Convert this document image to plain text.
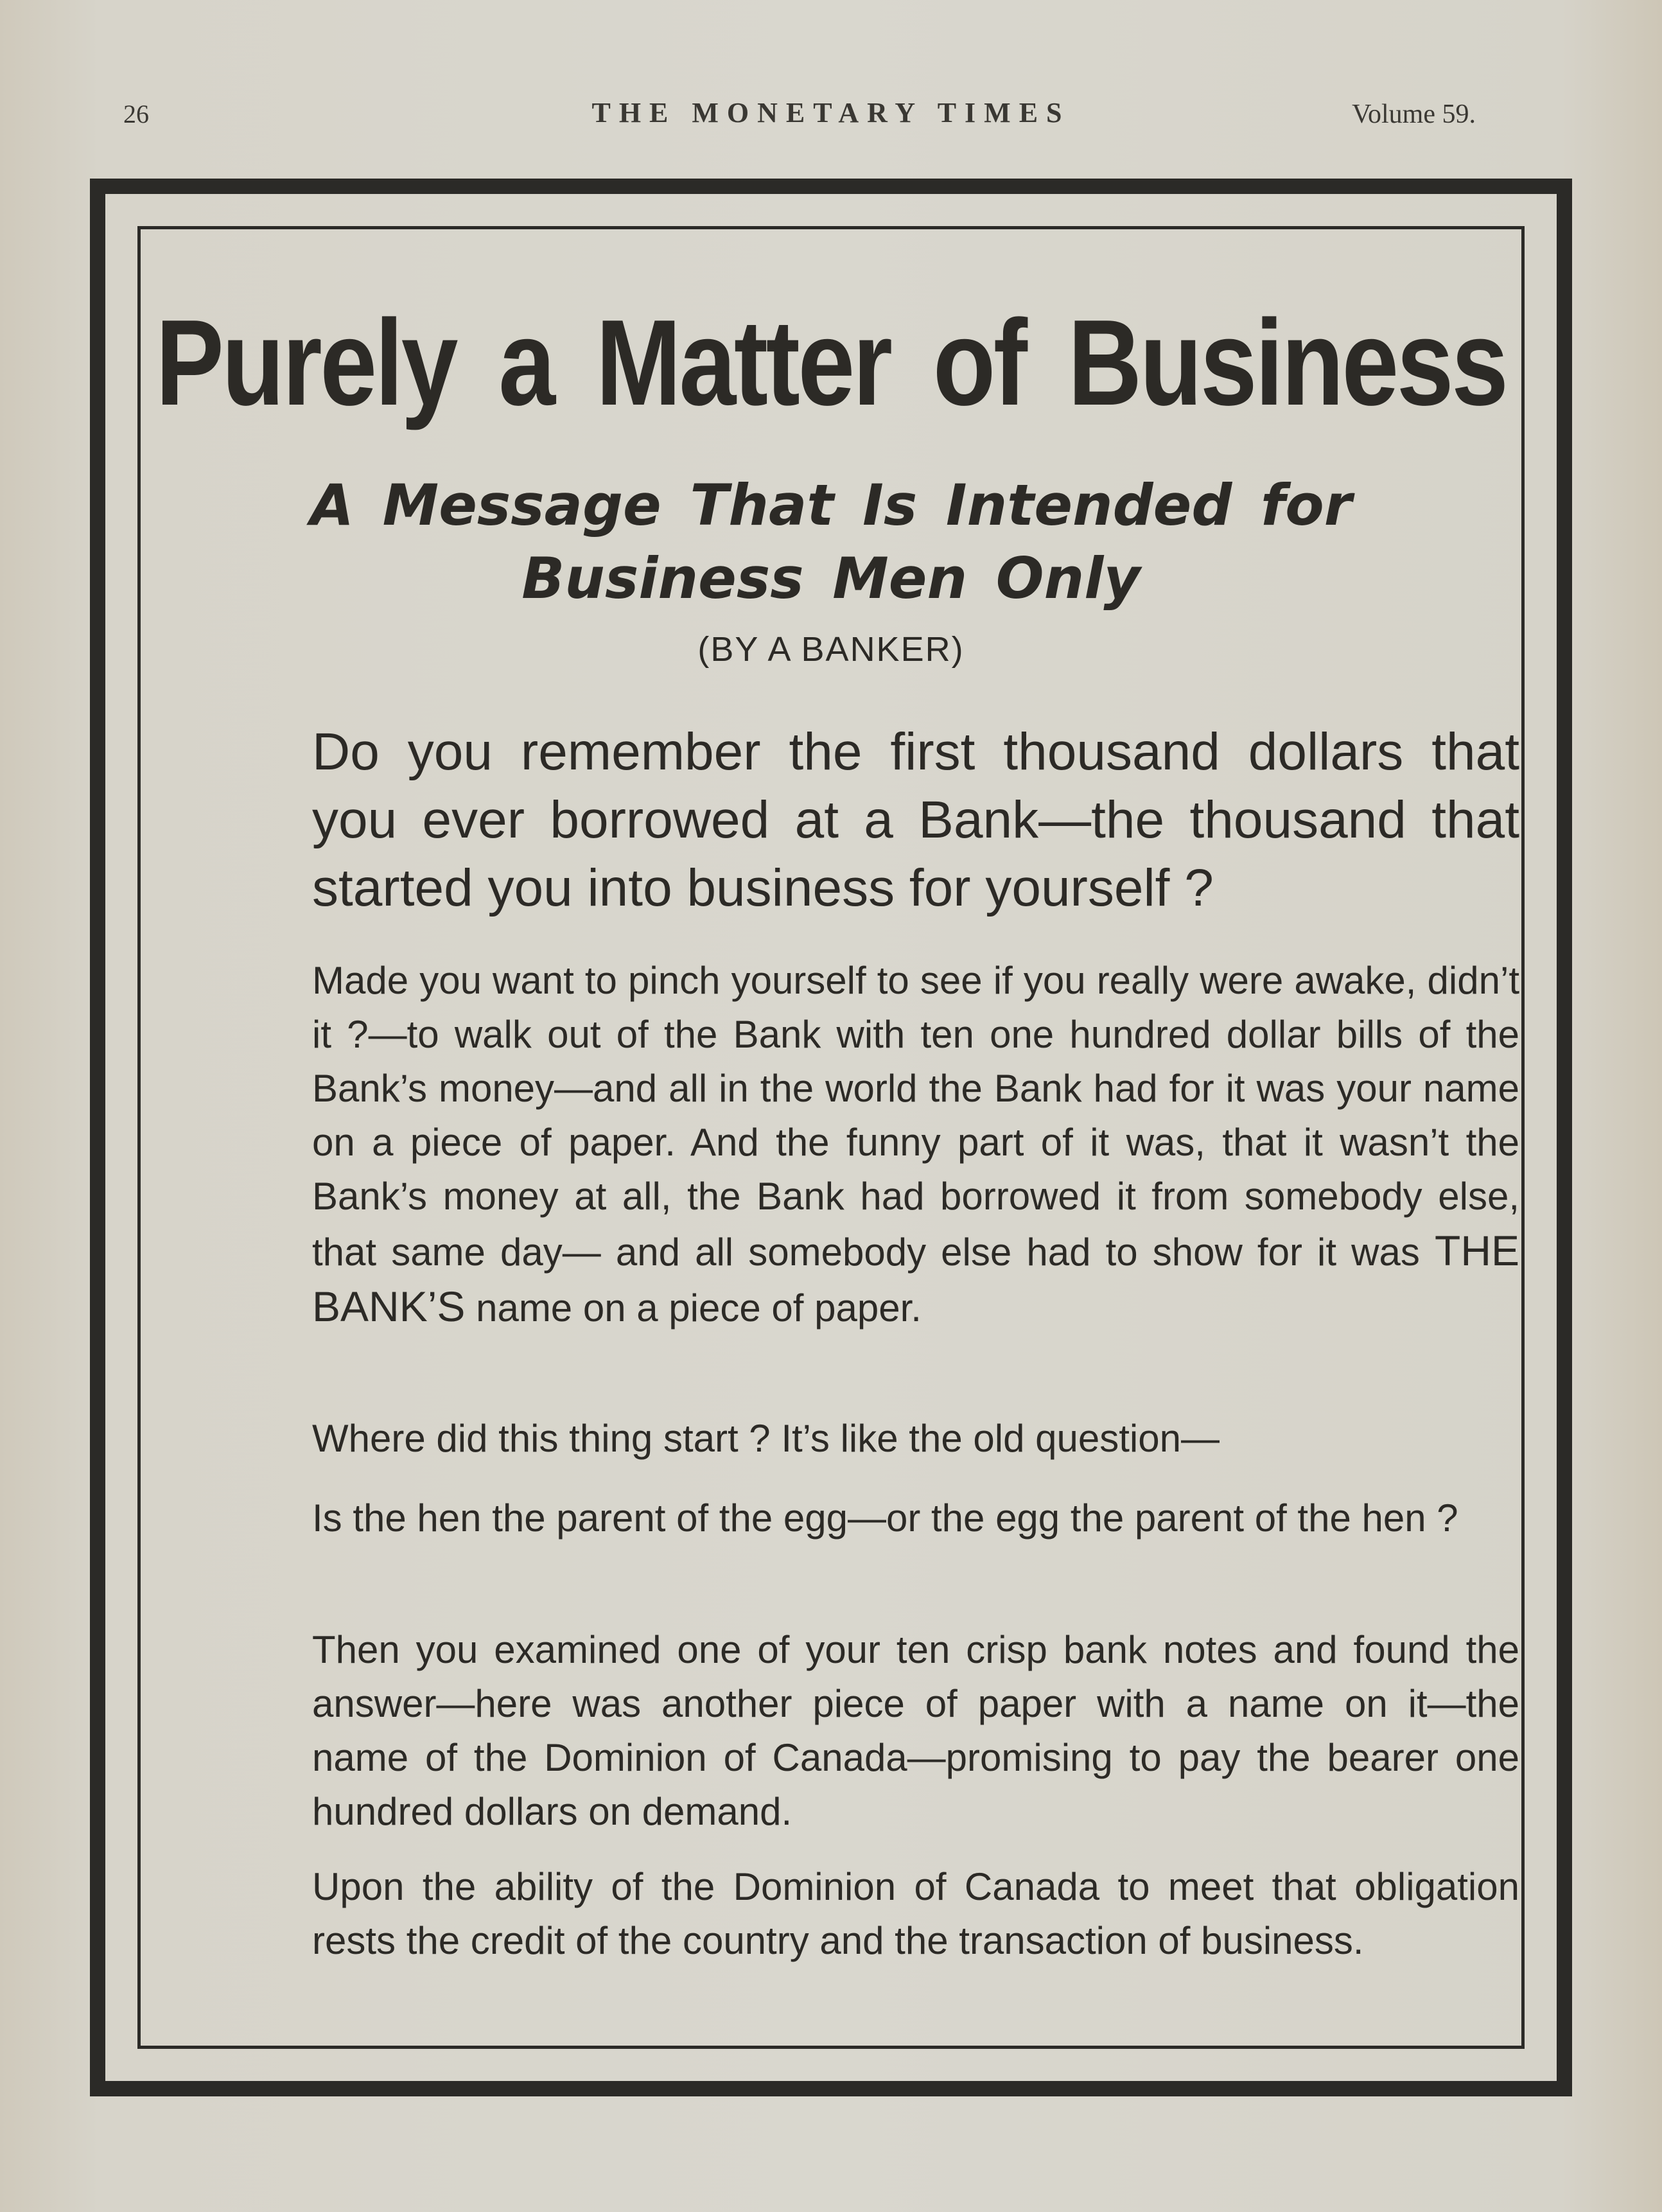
26	THE MONETARY TIMES	Volume 59.
Purely a Matter of Business
A Message That Is Intended for
Business Men Only
(BY A BANKER)

Do you remember the first thousand dollars that you ever borrowed at a Bank—the thousand that started you into business for yourself ?

Made you want to pinch yourself to see if you really were awake, didn’t it ?—to walk out of the Bank with ten one hundred dollar bills of the Bank’s money—and all in the world the Bank had for it was your name on a piece of paper. And the funny part of it was, that it wasn’t the Bank’s money at all, the Bank had borrowed it from somebody else, that same day— and all somebody else had to show for it was THE BANK’S name on a piece of paper.

Where did this thing start ? It’s like the old question—

Is the hen the parent of the egg—or the egg the parent of the hen ?

Then you examined one of your ten crisp bank notes and found the answer—here was another piece of paper with a name on it—the name of the Dominion of Canada—promising to pay the bearer one hundred dollars on demand.

Upon the ability of the Dominion of Canada to meet that obligation rests the credit of the country and the transaction of business.
